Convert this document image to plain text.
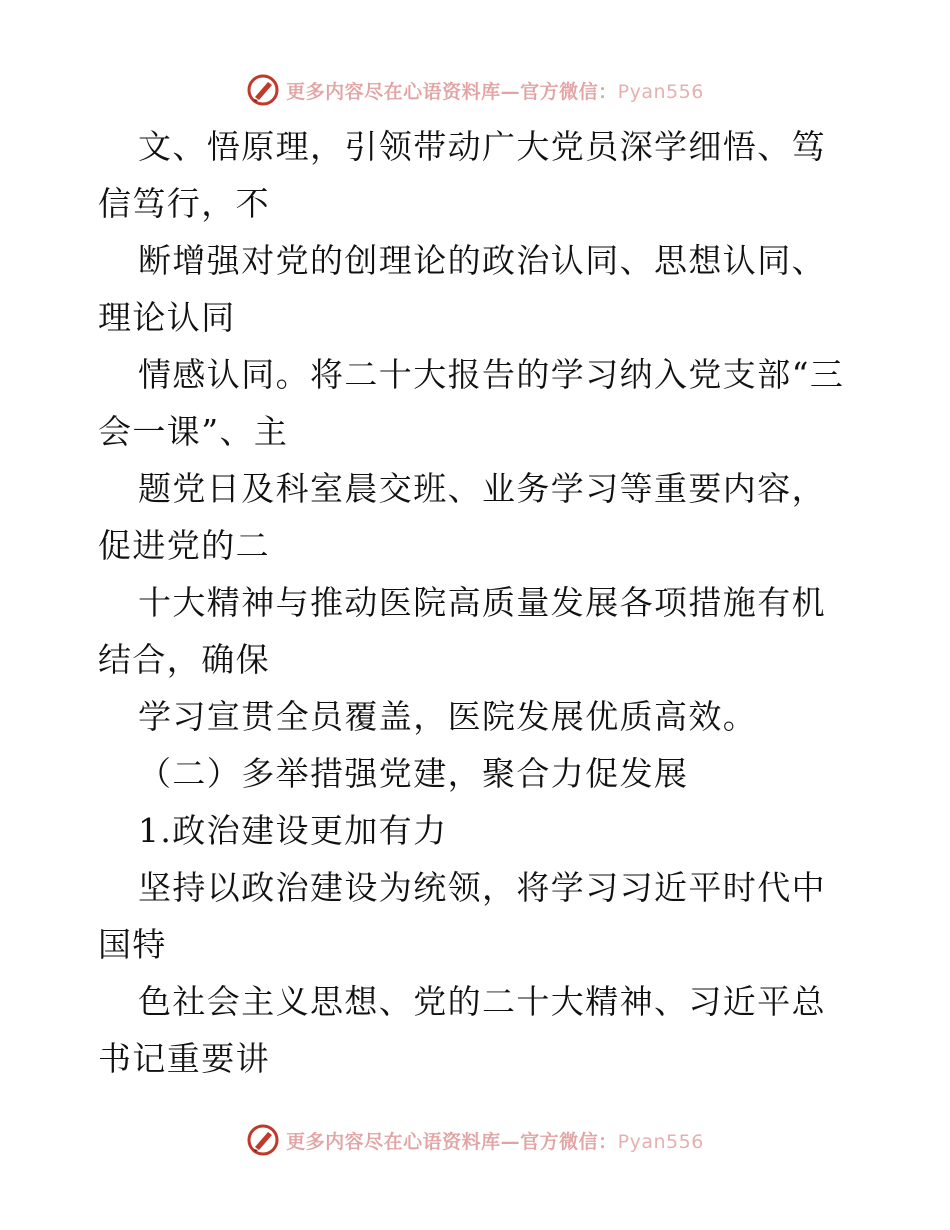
更多内容尽在心语资料库—官方微信：Pyan556
文、悟原理，引领带动广大党员深学细悟、笃信笃行，不
断增强对党的创理论的政治认同、思想认同、理论认同
情感认同。将二十大报告的学习纳入党支部“三会一课”、主
题党日及科室晨交班、业务学习等重要内容，促进党的二
十大精神与推动医院高质量发展各项措施有机结合，确保
学习宣贯全员覆盖，医院发展优质高效。
（二）多举措强党建，聚合力促发展
1.政治建设更加有力
坚持以政治建设为统领，将学习习近平时代中国特
色社会主义思想、党的二十大精神、习近平总书记重要讲
更多内容尽在心语资料库—官方微信：Pyan556
